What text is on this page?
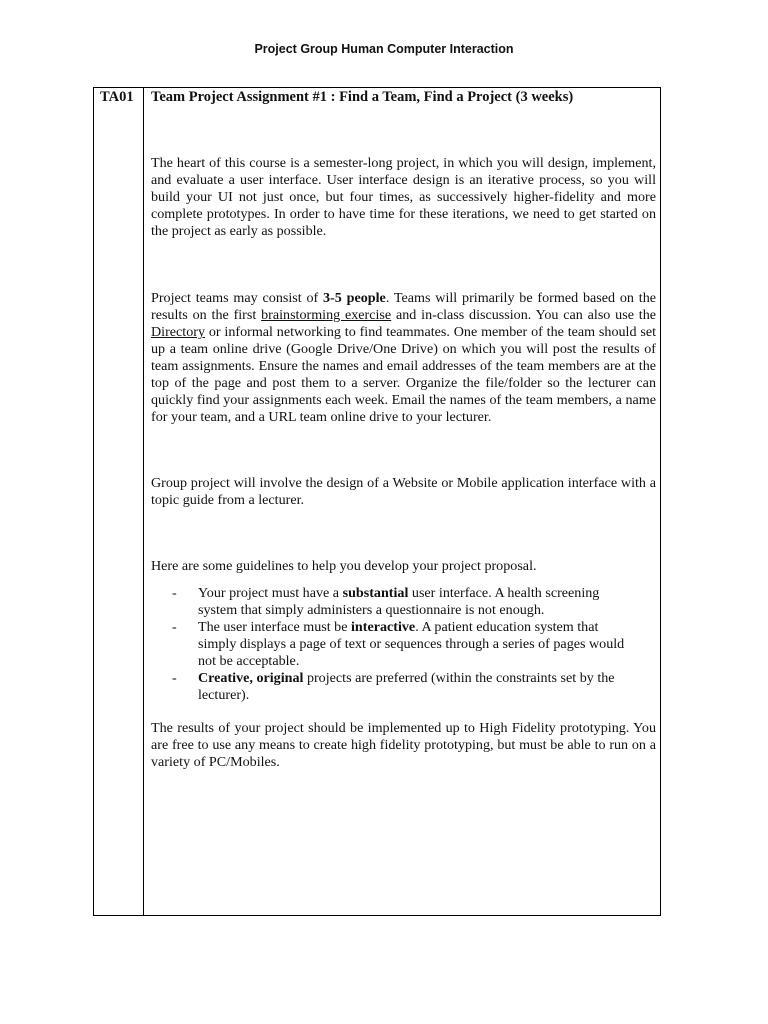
Project Group Human Computer Interaction
TA01 Team Project Assignment #1 : Find a Team, Find a Project (3 weeks)

The heart of this course is a semester-long project, in which you will design, implement, and evaluate a user interface. User interface design is an iterative process, so you will build your UI not just once, but four times, as successively higher-fidelity and more complete prototypes. In order to have time for these iterations, we need to get started on the project as early as possible.

Project teams may consist of 3-5 people. Teams will primarily be formed based on the results on the first brainstorming exercise and in-class discussion. You can also use the Directory or informal networking to find teammates. One member of the team should set up a team online drive (Google Drive/One Drive) on which you will post the results of team assignments. Ensure the names and email addresses of the team members are at the top of the page and post them to a server. Organize the file/folder so the lecturer can quickly find your assignments each week. Email the names of the team members, a name for your team, and a URL team online drive to your lecturer.

Group project will involve the design of a Website or Mobile application interface with a topic guide from a lecturer.

Here are some guidelines to help you develop your project proposal.

- Your project must have a substantial user interface. A health screening system that simply administers a questionnaire is not enough.
- The user interface must be interactive. A patient education system that simply displays a page of text or sequences through a series of pages would not be acceptable.
- Creative, original projects are preferred (within the constraints set by the lecturer).

The results of your project should be implemented up to High Fidelity prototyping. You are free to use any means to create high fidelity prototyping, but must be able to run on a variety of PC/Mobiles.
